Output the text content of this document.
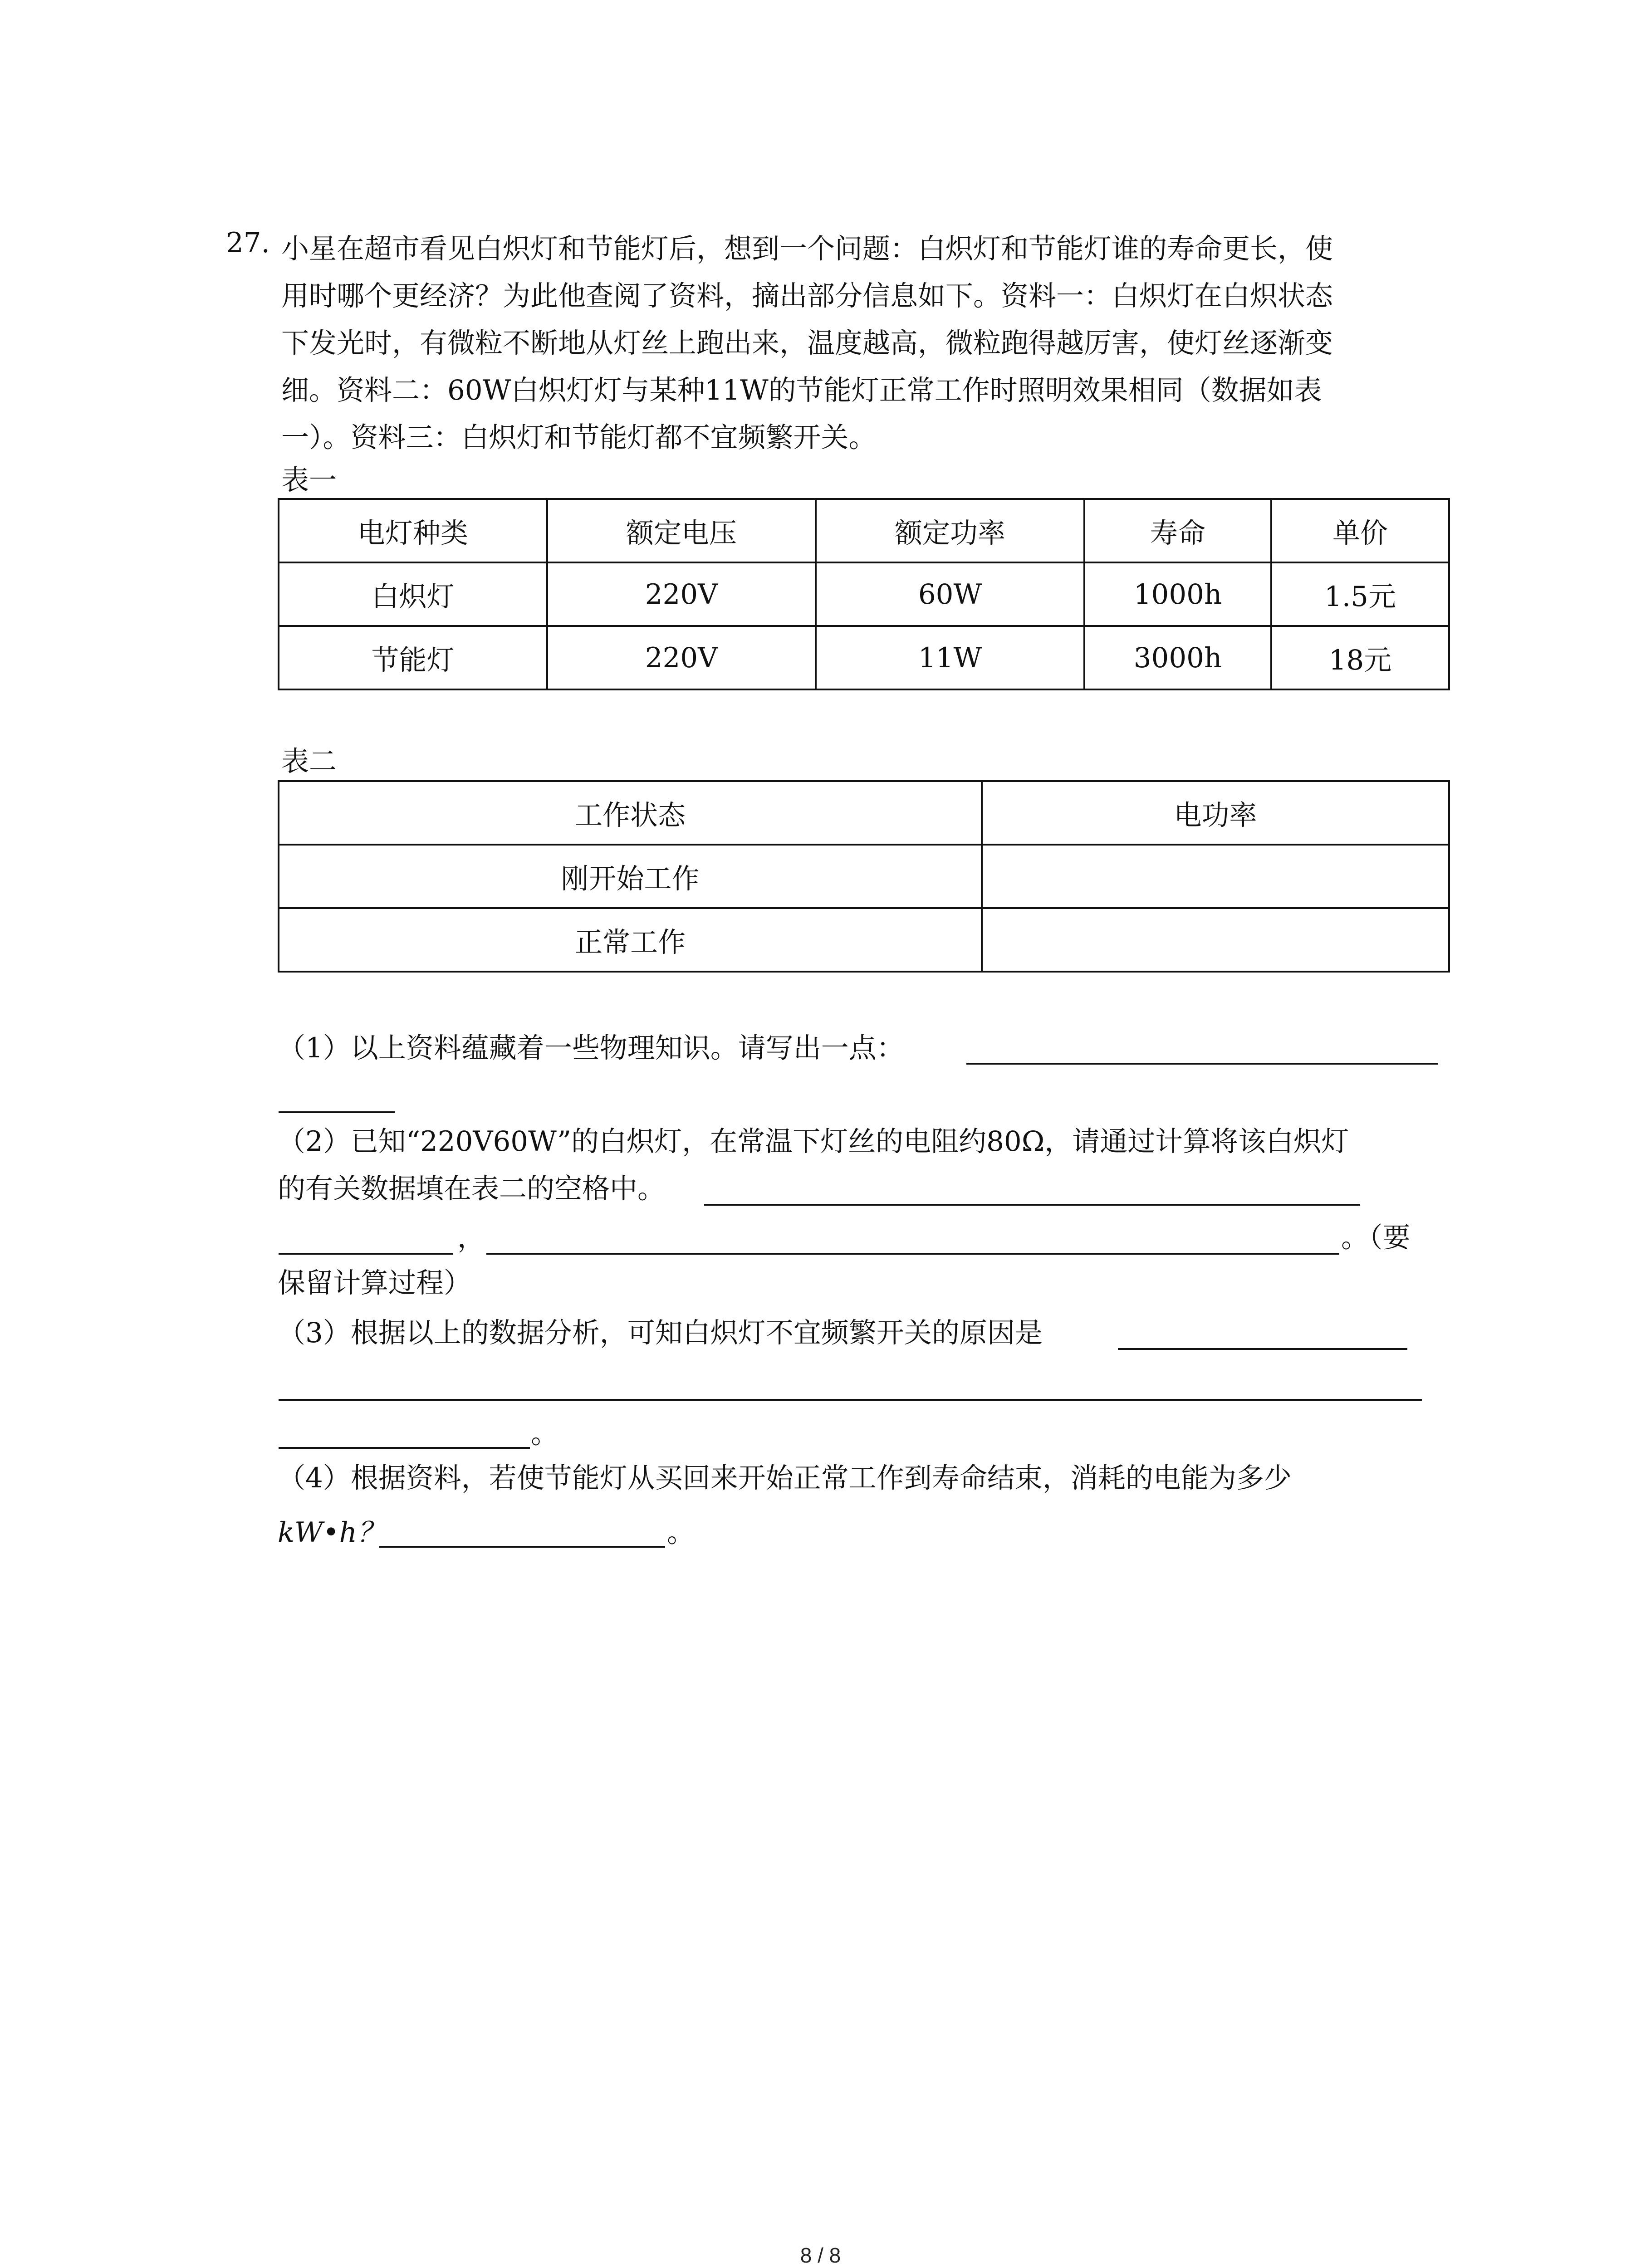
27. 小星在超市看见白炽灯和节能灯后，想到一个问题：白炽灯和节能灯谁的寿命更长，使
用时哪个更经济？为此他查阅了资料，摘出部分信息如下。资料一：白炽灯在白炽状态
下发光时，有微粒不断地从灯丝上跑出来，温度越高，微粒跑得越厉害，使灯丝逐渐变
细。资料二：60W白炽灯灯与某种11W的节能灯正常工作时照明效果相同（数据如表
一）。资料三：白炽灯和节能灯都不宜频繁开关。
表一
电灯种类	额定电压	额定功率	寿命	单价
白炽灯	220V	60W	1000h	1.5元
节能灯	220V	11W	3000h	18元
表二
工作状态	电功率
刚开始工作	
正常工作	
（1）以上资料蕴藏着一些物理知识。请写出一点：
（2）已知“220V60W”的白炽灯，在常温下灯丝的电阻约80Ω，请通过计算将该白炽灯
的有关数据填在表二的空格中。
，	。（要
保留计算过程）
（3）根据以上的数据分析，可知白炽灯不宜频繁开关的原因是
。
（4）根据资料，若使节能灯从买回来开始正常工作到寿命结束，消耗的电能为多少
kW•h？	。
8 / 8
